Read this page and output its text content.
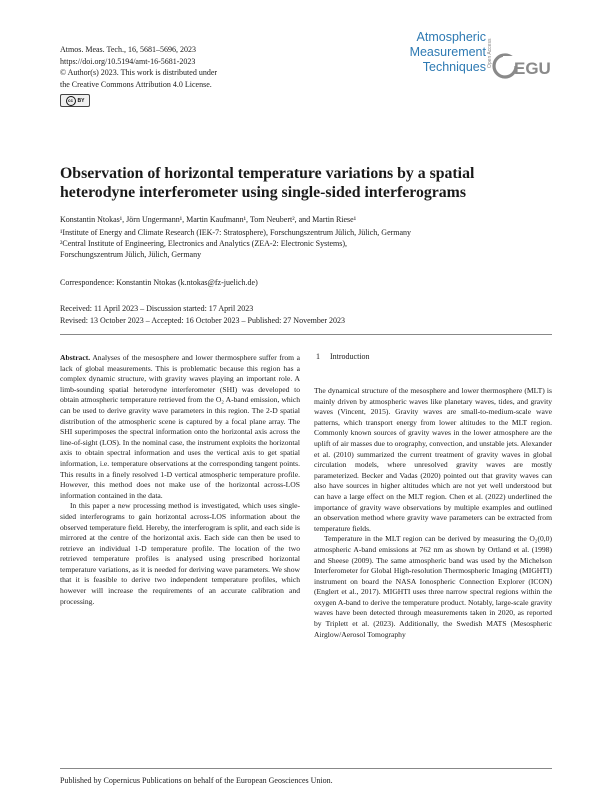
Atmos. Meas. Tech., 16, 5681–5696, 2023
https://doi.org/10.5194/amt-16-5681-2023
© Author(s) 2023. This work is distributed under
the Creative Commons Attribution 4.0 License.
cc BY
Atmospheric
Measurement
Techniques Open Access
EGU
Observation of horizontal temperature variations by a spatial
heterodyne interferometer using single-sided interferograms
Konstantin Ntokas¹, Jörn Ungermann¹, Martin Kaufmann¹, Tom Neubert², and Martin Riese¹
¹Institute of Energy and Climate Research (IEK-7: Stratosphere), Forschungszentrum Jülich, Jülich, Germany
²Central Institute of Engineering, Electronics and Analytics (ZEA-2: Electronic Systems),
Forschungszentrum Jülich, Jülich, Germany
Correspondence: Konstantin Ntokas (k.ntokas@fz-juelich.de)
Received: 11 April 2023 – Discussion started: 17 April 2023
Revised: 13 October 2023 – Accepted: 16 October 2023 – Published: 27 November 2023

Abstract. Analyses of the mesosphere and lower thermosphere suffer from a lack of global measurements. This is problematic because this region has a complex dynamic structure, with gravity waves playing an important role. A limb-sounding spatial heterodyne interferometer (SHI) was developed to obtain atmospheric temperature retrieved from the O₂ A-band emission, which can be used to derive gravity wave parameters in this region. The 2-D spatial distribution of the atmospheric scene is captured by a focal plane array. The SHI superimposes the spectral information onto the horizontal axis across the line-of-sight (LOS). In the nominal case, the instrument exploits the horizontal axis to obtain spectral information and uses the vertical axis to get spatial information, i.e. temperature observations at the corresponding tangent points. This results in a finely resolved 1-D vertical atmospheric temperature profile. However, this method does not make use of the horizontal across-LOS information contained in the data.

In this paper a new processing method is investigated, which uses single-sided interferograms to gain horizontal across-LOS information about the observed temperature field. Hereby, the interferogram is split, and each side is mirrored at the centre of the horizontal axis. Each side can then be used to retrieve an individual 1-D temperature profile. The location of the two retrieved temperature profiles is analysed using prescribed horizontal temperature variations, as it is needed for deriving wave parameters. We show that it is feasible to derive two independent temperature profiles, which however will increase the requirements of an accurate calibration and processing.

1 Introduction

The dynamical structure of the mesosphere and lower thermosphere (MLT) is mainly driven by atmospheric waves like planetary waves, tides, and gravity waves (Vincent, 2015). Gravity waves are small-to-medium-scale wave patterns, which transport energy from lower altitudes to the MLT region. Commonly known sources of gravity waves in the lower atmosphere are the uplift of air masses due to orography, convection, and unstable jets. Alexander et al. (2010) summarized the current treatment of gravity waves in global circulation models, where unresolved gravity waves are mostly parameterized. Becker and Vadas (2020) pointed out that gravity waves can also have sources in higher altitudes which are not yet well understood but can have a large effect on the MLT region. Chen et al. (2022) underlined the importance of gravity wave observations by multiple examples and outlined an observation method where gravity wave parameters can be extracted from temperature fields.

Temperature in the MLT region can be derived by measuring the O₂(0,0) atmospheric A-band emissions at 762 nm as shown by Ortland et al. (1998) and Sheese (2009). The same atmospheric band was used by the Michelson Interferometer for Global High-resolution Thermospheric Imaging (MIGHTI) instrument on board the NASA Ionospheric Connection Explorer (ICON) (Englert et al., 2017). MIGHTI uses three narrow spectral regions within the oxygen A-band to derive the temperature product. Notably, large-scale gravity waves have been detected through measurements taken in 2020, as reported by Triplett et al. (2023). Additionally, the Swedish MATS (Mesospheric Airglow/Aerosol Tomography

Published by Copernicus Publications on behalf of the European Geosciences Union.
